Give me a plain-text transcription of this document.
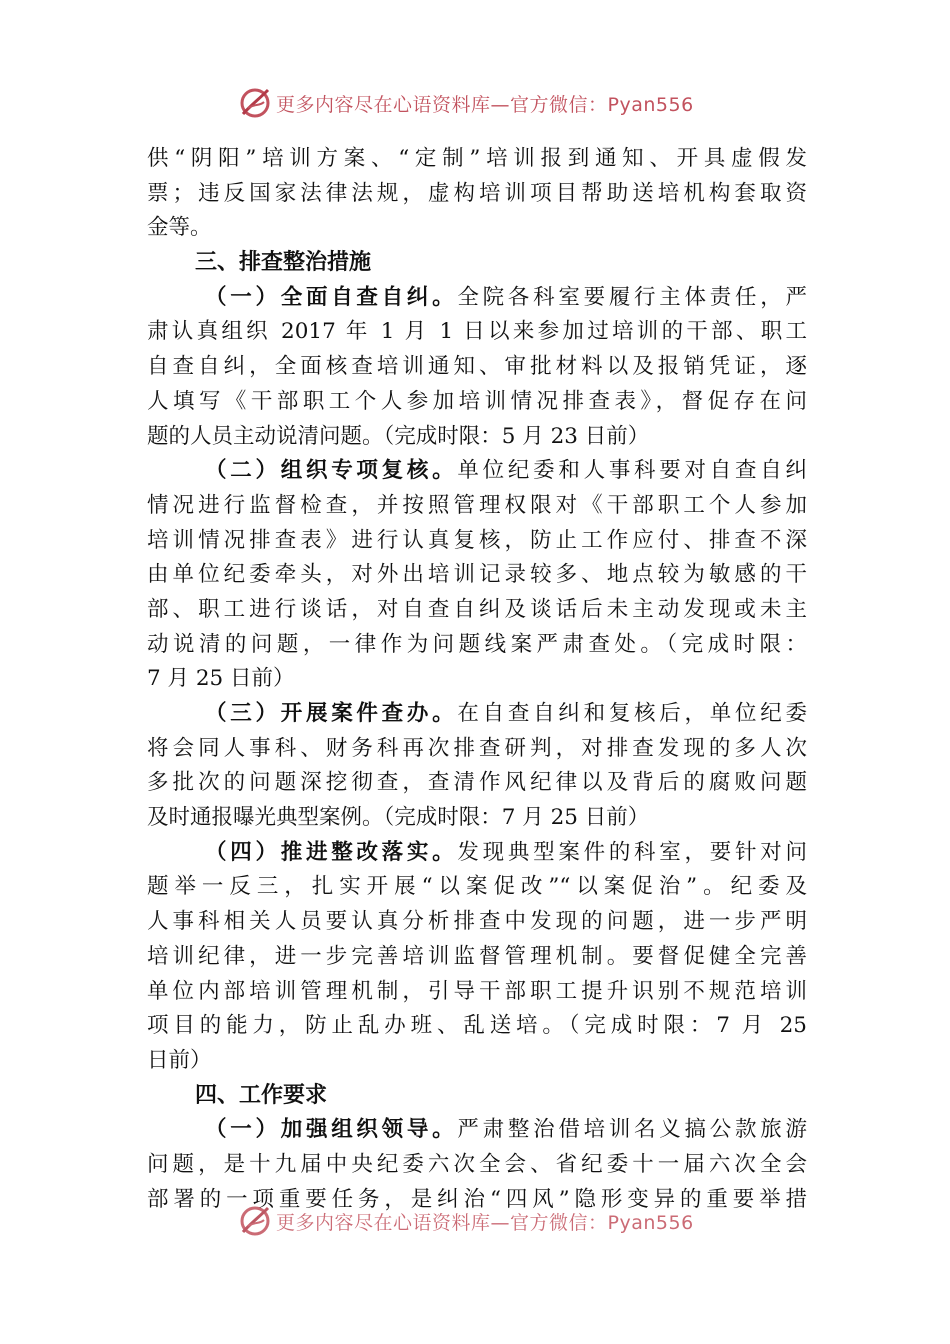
更多内容尽在心语资料库—官方微信：Pyan556
供“阴阳”培训方案、“定制”培训报到通知、开具虚假发
票；违反国家法律法规，虚构培训项目帮助送培机构套取资
金等。
三、排查整治措施
（一）全面自查自纠。全院各科室要履行主体责任，严
肃认真组织 2017 年 1 月 1 日以来参加过培训的干部、职工
自查自纠，全面核查培训通知、审批材料以及报销凭证，逐
人填写《干部职工个人参加培训情况排查表》，督促存在问
题的人员主动说清问题。（完成时限：5 月 23 日前）
（二）组织专项复核。单位纪委和人事科要对自查自纠
情况进行监督检查，并按照管理权限对《干部职工个人参加
培训情况排查表》进行认真复核，防止工作应付、排查不深
由单位纪委牵头，对外出培训记录较多、地点较为敏感的干
部、职工进行谈话，对自查自纠及谈话后未主动发现或未主
动说清的问题，一律作为问题线案严肃查处。（完成时限：
7 月 25 日前）
（三）开展案件查办。在自查自纠和复核后，单位纪委
将会同人事科、财务科再次排查研判，对排查发现的多人次
多批次的问题深挖彻查，查清作风纪律以及背后的腐败问题
及时通报曝光典型案例。（完成时限：7 月 25 日前）
（四）推进整改落实。发现典型案件的科室，要针对问
题举一反三，扎实开展“以案促改”“以案促治”。纪委及
人事科相关人员要认真分析排查中发现的问题，进一步严明
培训纪律，进一步完善培训监督管理机制。要督促健全完善
单位内部培训管理机制，引导干部职工提升识别不规范培训
项目的能力，防止乱办班、乱送培。（完成时限：7 月 25
日前）
四、工作要求
（一）加强组织领导。严肃整治借培训名义搞公款旅游
问题，是十九届中央纪委六次全会、省纪委十一届六次全会
部署的一项重要任务，是纠治“四风”隐形变异的重要举措
更多内容尽在心语资料库—官方微信：Pyan556
